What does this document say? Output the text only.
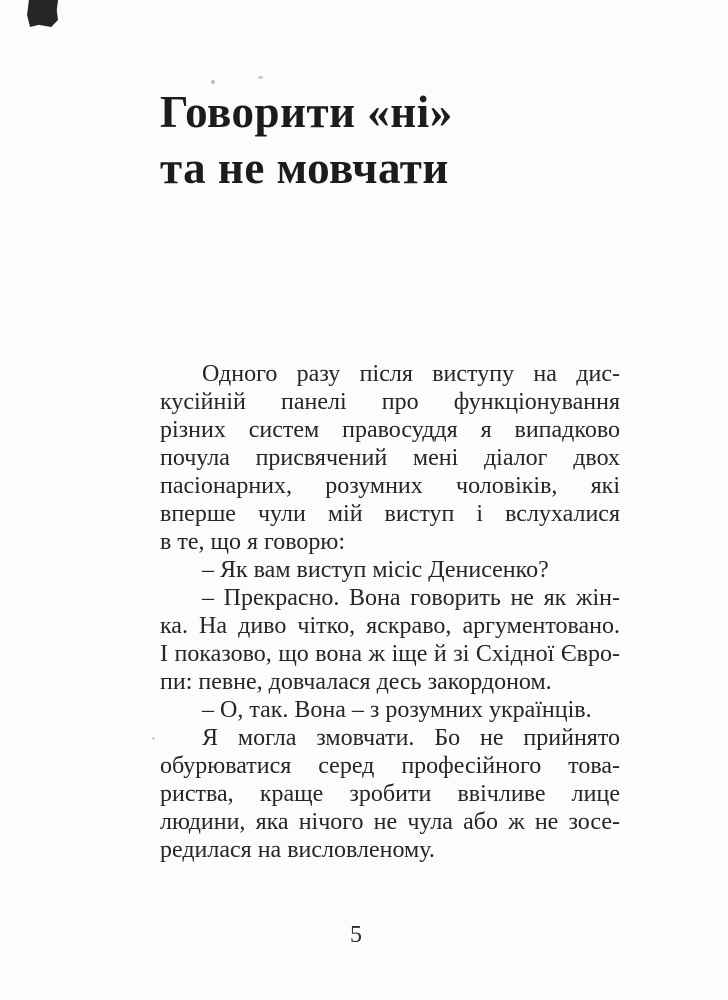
Говорити «ні»
та не мовчати
Одного разу після виступу на дис-
кусійній панелі про функціонування
різних систем правосуддя я випадково
почула присвячений мені діалог двох
пасіонарних, розумних чоловіків, які
вперше чули мій виступ і вслухалися
в те, що я говорю:
– Як вам виступ місіс Денисенко?
– Прекрасно. Вона говорить не як жін-
ка. На диво чітко, яскраво, аргументовано.
І показово, що вона ж іще й зі Східної Євро-
пи: певне, довчалася десь закордоном.
– О, так. Вона – з розумних українців.
Я могла змовчати. Бо не прийнято
обурюватися серед професійного това-
риства, краще зробити ввічливе лице
людини, яка нічого не чула або ж не зосе-
редилася на висловленому.
5
